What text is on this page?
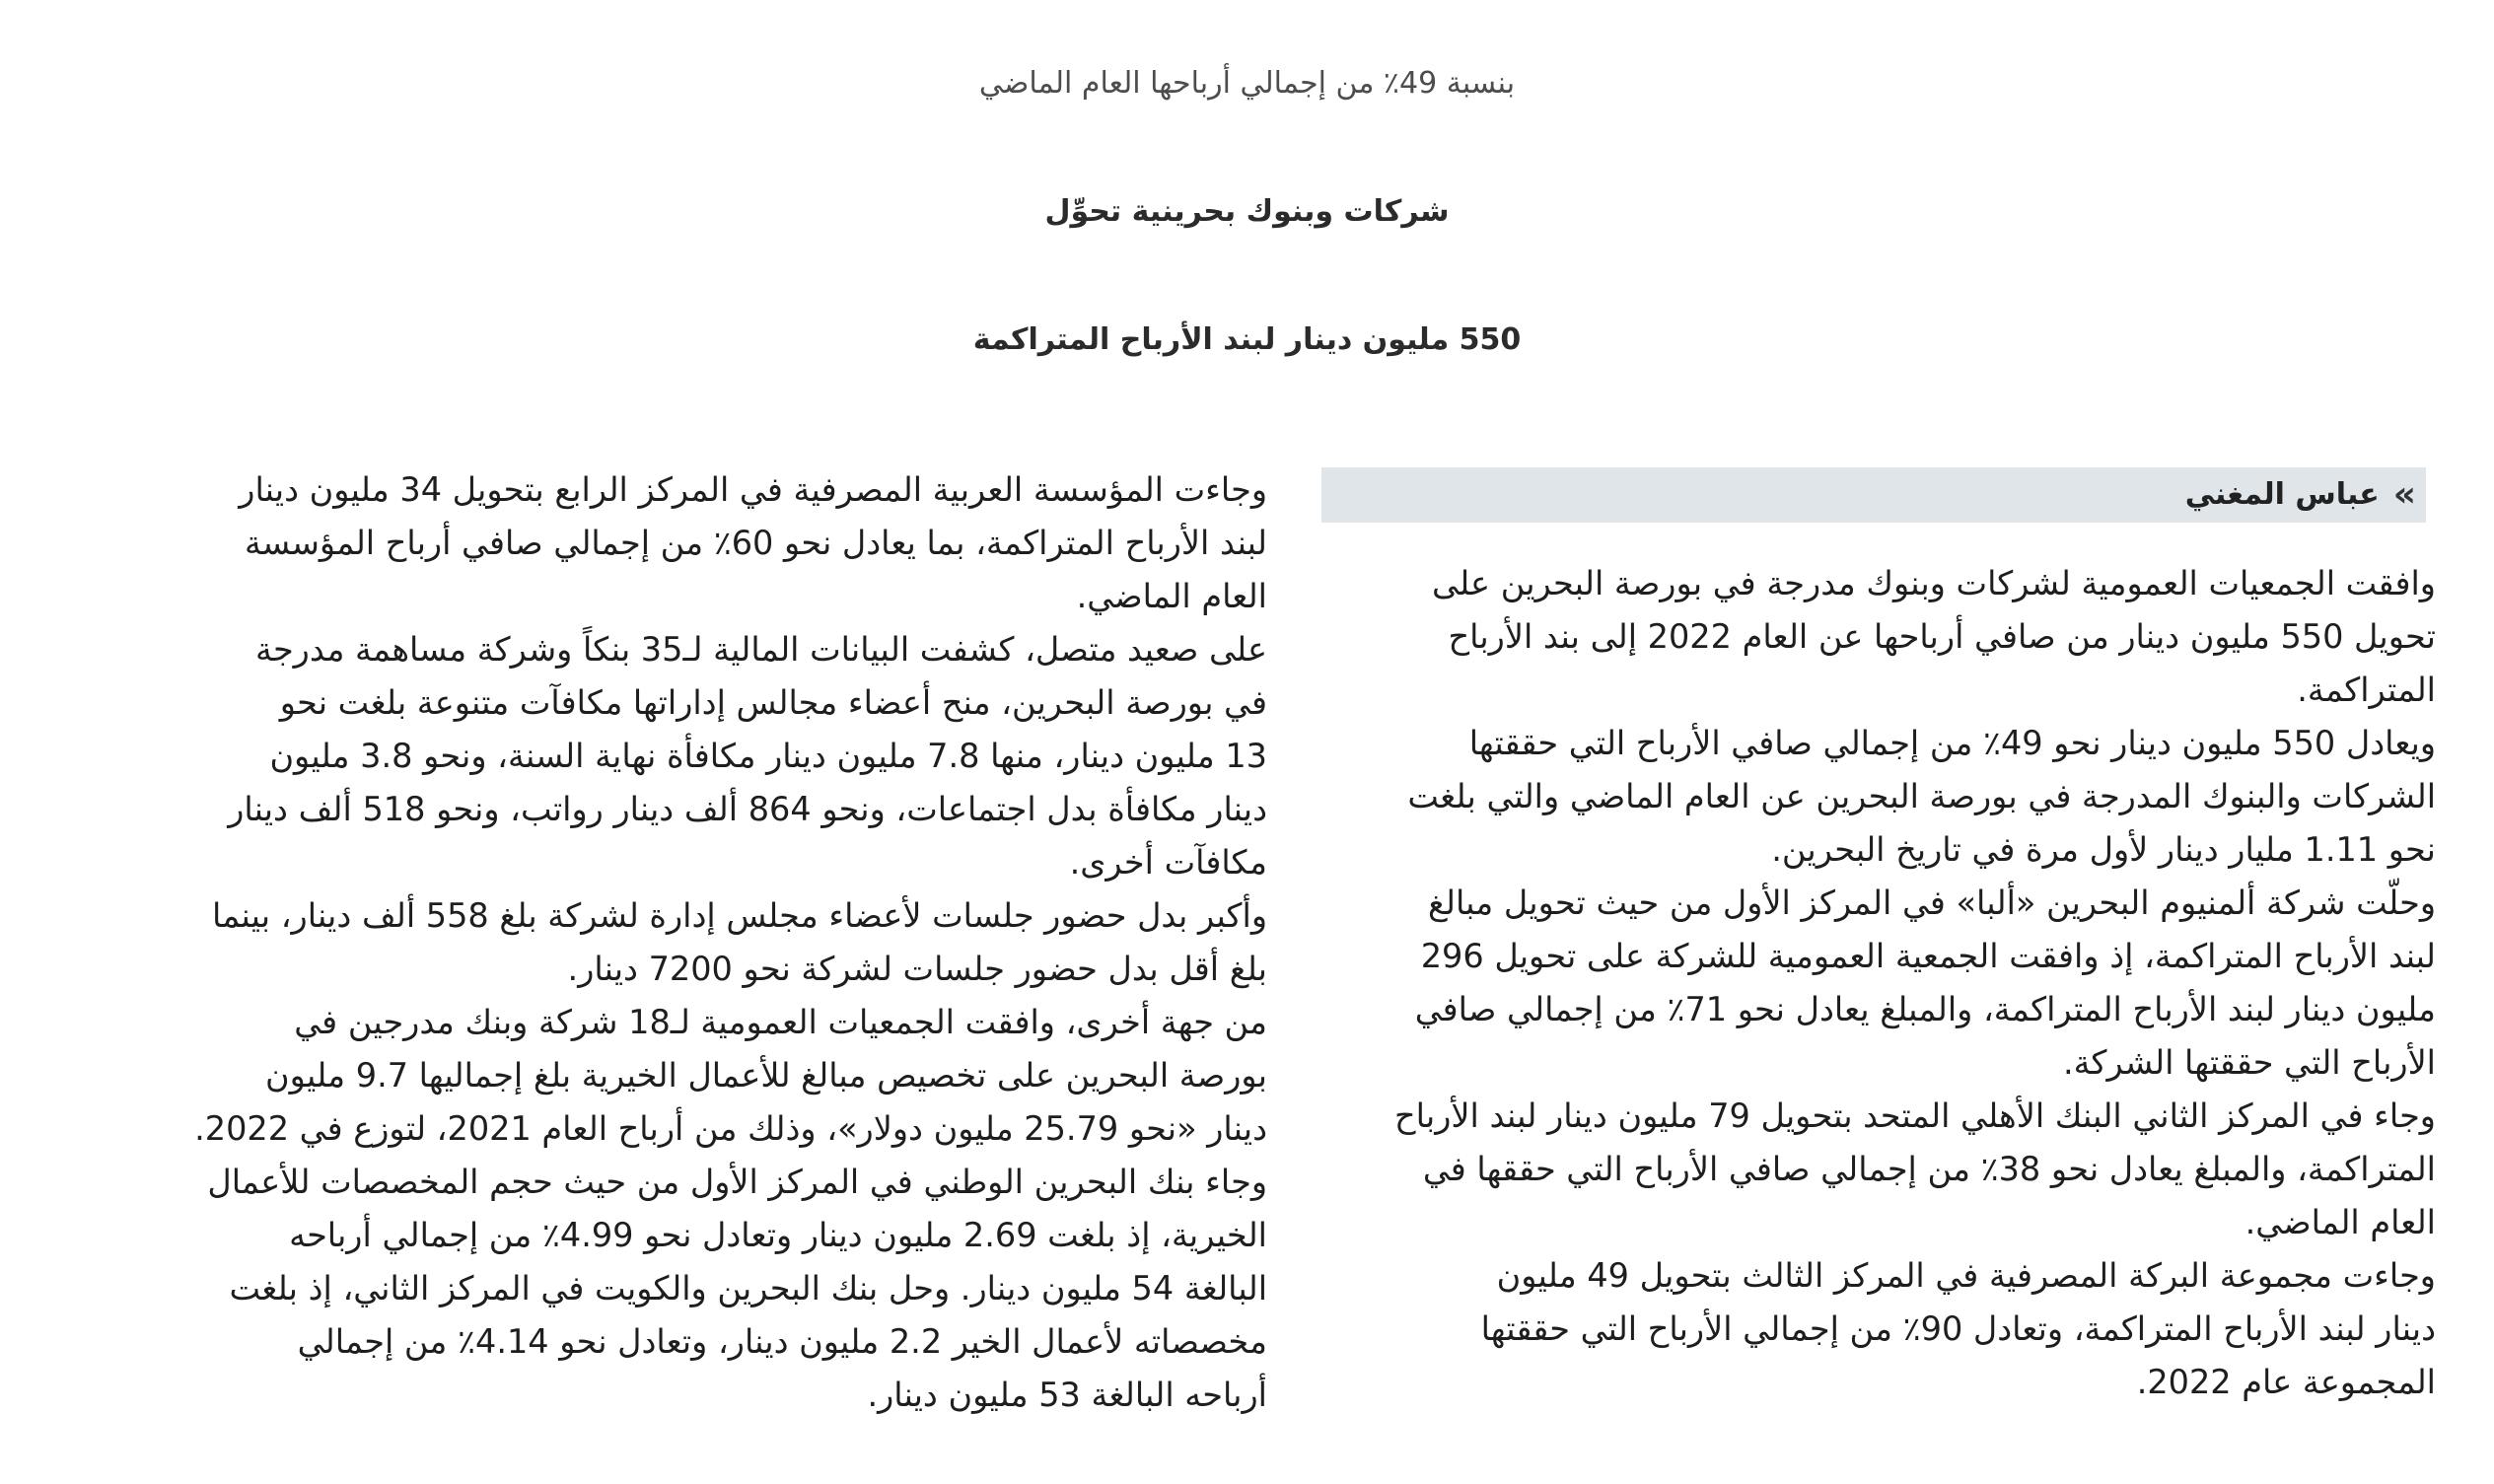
بنسبة 49٪ من إجمالي أرباحها العام الماضي
شركات وبنوك بحرينية تحوِّل
550 مليون دينار لبند الأرباح المتراكمة
»
عباس المغني

وافقت الجمعيات العمومية لشركات وبنوك مدرجة في بورصة البحرين على

تحويل 550 مليون دينار من صافي أرباحها عن العام 2022 إلى بند الأرباح

المتراكمة.

ويعادل 550 مليون دينار نحو 49٪ من إجمالي صافي الأرباح التي حققتها

الشركات والبنوك المدرجة في بورصة البحرين عن العام الماضي والتي بلغت

نحو 1.11 مليار دينار لأول مرة في تاريخ البحرين.

وحلّت شركة ألمنيوم البحرين «ألبا» في المركز الأول من حيث تحويل مبالغ

لبند الأرباح المتراكمة، إذ وافقت الجمعية العمومية للشركة على تحويل 296

مليون دينار لبند الأرباح المتراكمة، والمبلغ يعادل نحو 71٪ من إجمالي صافي

الأرباح التي حققتها الشركة.

وجاء في المركز الثاني البنك الأهلي المتحد بتحويل 79 مليون دينار لبند الأرباح

المتراكمة، والمبلغ يعادل نحو 38٪ من إجمالي صافي الأرباح التي حققها في

العام الماضي.

وجاءت مجموعة البركة المصرفية في المركز الثالث بتحويل 49 مليون

دينار لبند الأرباح المتراكمة، وتعادل 90٪ من إجمالي الأرباح التي حققتها

المجموعة عام 2022.

وجاءت المؤسسة العربية المصرفية في المركز الرابع بتحويل 34 مليون دينار

لبند الأرباح المتراكمة، بما يعادل نحو 60٪ من إجمالي صافي أرباح المؤسسة

العام الماضي.

على صعيد متصل، كشفت البيانات المالية لـ35 بنكاً وشركة مساهمة مدرجة

في بورصة البحرين، منح أعضاء مجالس إداراتها مكافآت متنوعة بلغت نحو

13 مليون دينار، منها 7.8 مليون دينار مكافأة نهاية السنة، ونحو 3.8 مليون

دينار مكافأة بدل اجتماعات، ونحو 864 ألف دينار رواتب، ونحو 518 ألف دينار

مكافآت أخرى.

وأكبر بدل حضور جلسات لأعضاء مجلس إدارة لشركة بلغ 558 ألف دينار، بينما

بلغ أقل بدل حضور جلسات لشركة نحو 7200 دينار.

من جهة أخرى، وافقت الجمعيات العمومية لـ18 شركة وبنك مدرجين في

بورصة البحرين على تخصيص مبالغ للأعمال الخيرية بلغ إجماليها 9.7 مليون

دينار «نحو 25.79 مليون دولار»، وذلك من أرباح العام 2021، لتوزع في 2022.

وجاء بنك البحرين الوطني في المركز الأول من حيث حجم المخصصات للأعمال

الخيرية، إذ بلغت 2.69 مليون دينار وتعادل نحو 4.99٪ من إجمالي أرباحه

البالغة 54 مليون دينار. وحل بنك البحرين والكويت في المركز الثاني، إذ بلغت

مخصصاته لأعمال الخير 2.2 مليون دينار، وتعادل نحو 4.14٪ من إجمالي

أرباحه البالغة 53 مليون دينار.
